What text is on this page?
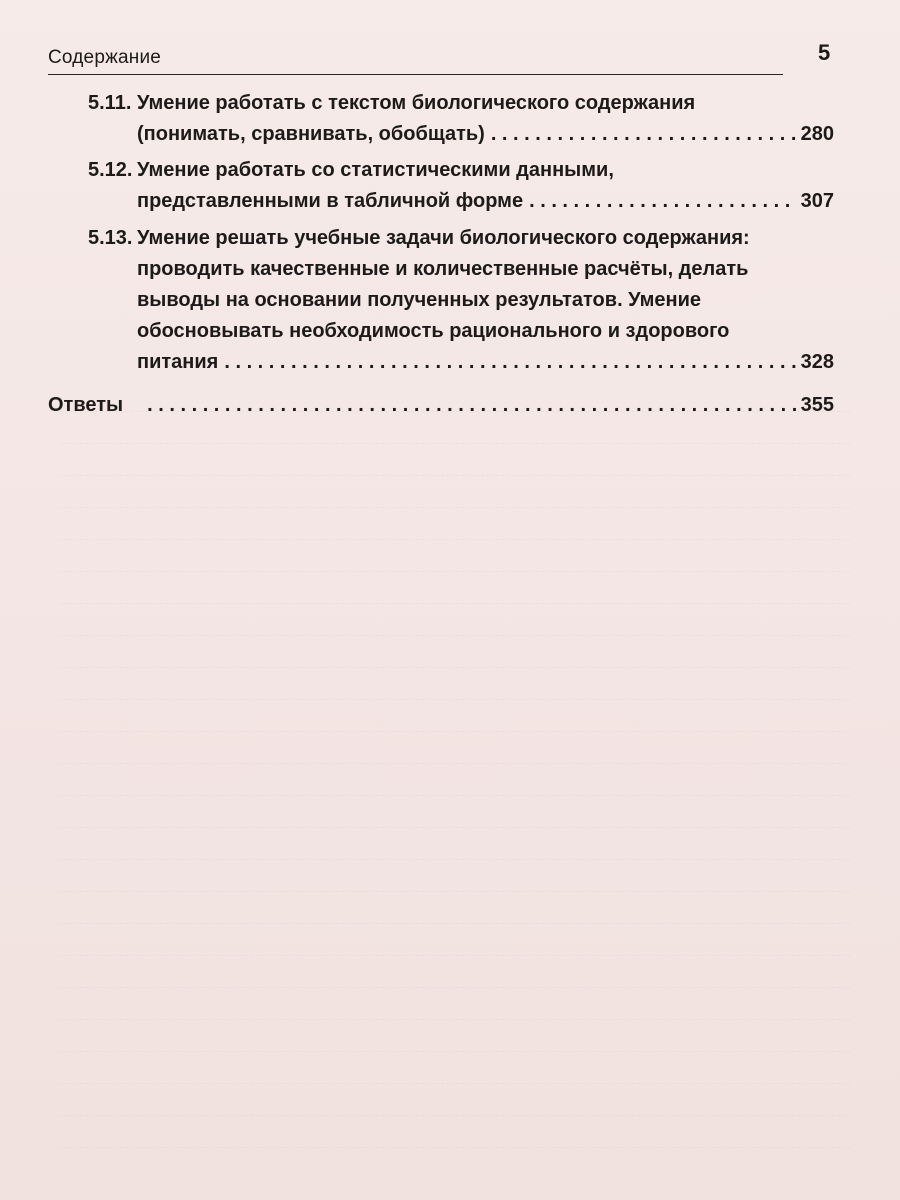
Содержание	5
5.11. Умение работать с текстом биологического содержания
(понимать, сравнивать, обобщать) . . .	280
5.12. Умение работать со статистическими данными,
представленными в табличной форме . . .	307
5.13. Умение решать учебные задачи биологического содержания:
проводить качественные и количественные расчёты, делать
выводы на основании полученных результатов. Умение
обосновывать необходимость рационального и здорового
питания . . .	328
Ответы . . .	355
